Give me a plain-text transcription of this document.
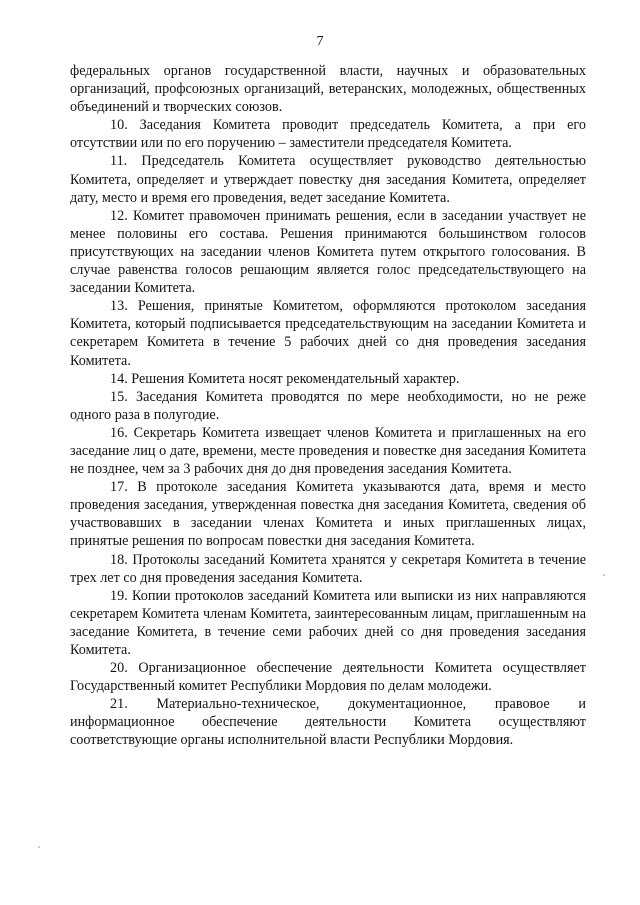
7

федеральных органов государственной власти, научных и образовательных организаций, профсоюзных организаций, ветеранских, молодежных, общественных объединений и творческих союзов.

10. Заседания Комитета проводит председатель Комитета, а при его отсутствии или по его поручению – заместители председателя Комитета.

11. Председатель Комитета осуществляет руководство деятельностью Комитета, определяет и утверждает повестку дня заседания Комитета, определяет дату, место и время его проведения, ведет заседание Комитета.

12. Комитет правомочен принимать решения, если в заседании участвует не менее половины его состава. Решения принимаются большинством голосов присутствующих на заседании членов Комитета путем открытого голосования. В случае равенства голосов решающим является голос председательствующего на заседании Комитета.

13. Решения, принятые Комитетом, оформляются протоколом заседания Комитета, который подписывается председательствующим на заседании Комитета и секретарем Комитета в течение 5 рабочих дней со дня проведения заседания Комитета.

14. Решения Комитета носят рекомендательный характер.

15. Заседания Комитета проводятся по мере необходимости, но не реже одного раза в полугодие.

16. Секретарь Комитета извещает членов Комитета и приглашенных на его заседание лиц о дате, времени, месте проведения и повестке дня заседания Комитета не позднее, чем за 3 рабочих дня до дня проведения заседания Комитета.

17. В протоколе заседания Комитета указываются дата, время и место проведения заседания, утвержденная повестка дня заседания Комитета, сведения об участвовавших в заседании членах Комитета и иных приглашенных лицах, принятые решения по вопросам повестки дня заседания Комитета.

18. Протоколы заседаний Комитета хранятся у секретаря Комитета в течение трех лет со дня проведения заседания Комитета.

19. Копии протоколов заседаний Комитета или выписки из них направляются секретарем Комитета членам Комитета, заинтересованным лицам, приглашенным на заседание Комитета, в течение семи рабочих дней со дня проведения заседания Комитета.

20. Организационное обеспечение деятельности Комитета осуществляет Государственный комитет Республики Мордовия по делам молодежи.

21. Материально-техническое, документационное, правовое и информационное обеспечение деятельности Комитета осуществляют соответствующие органы исполнительной власти Республики Мордовия.
